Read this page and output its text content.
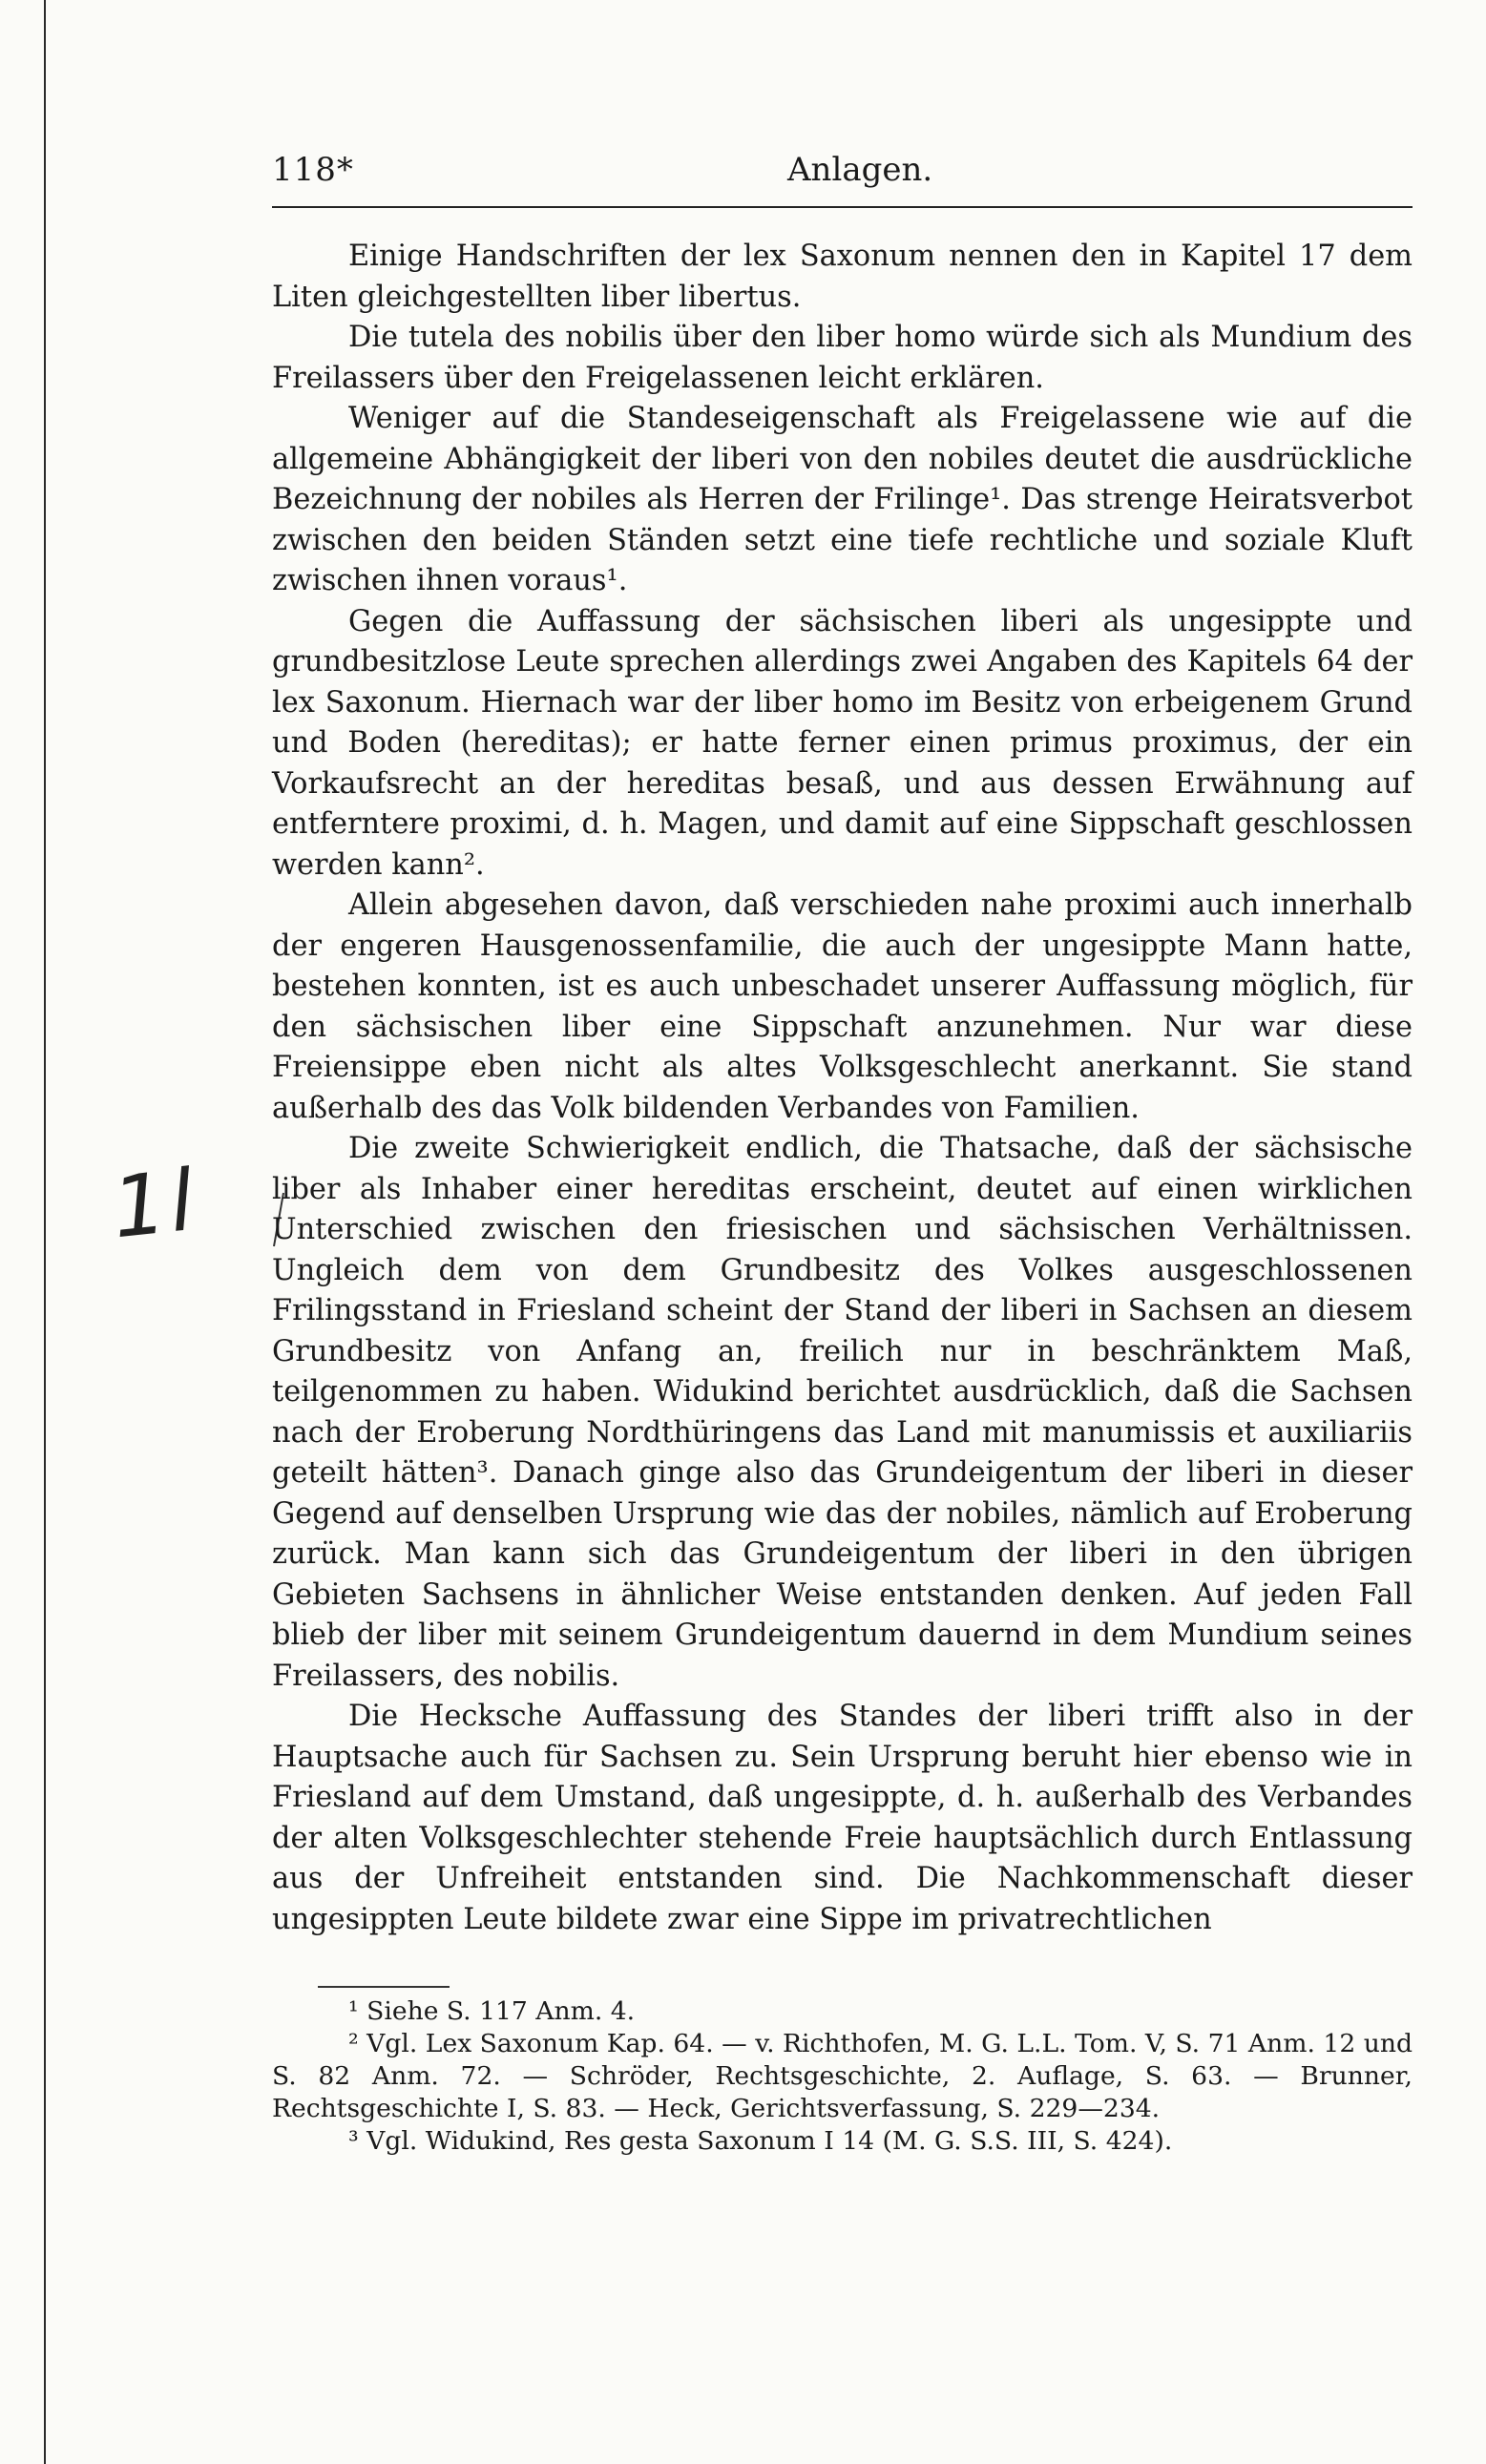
1l
118*	Anlagen.

Einige Handschriften der lex Saxonum nennen den in Kapitel 17 dem Liten gleichgestellten liber libertus.

Die tutela des nobilis über den liber homo würde sich als Mundium des Freilassers über den Freigelassenen leicht erklären.

Weniger auf die Standeseigenschaft als Freigelassene wie auf die allgemeine Abhängigkeit der liberi von den nobiles deutet die ausdrückliche Bezeichnung der nobiles als Herren der Frilinge¹. Das strenge Heiratsverbot zwischen den beiden Ständen setzt eine tiefe rechtliche und soziale Kluft zwischen ihnen voraus¹.

Gegen die Auffassung der sächsischen liberi als ungesippte und grundbesitzlose Leute sprechen allerdings zwei Angaben des Kapitels 64 der lex Saxonum. Hiernach war der liber homo im Besitz von erbeigenem Grund und Boden (hereditas); er hatte ferner einen primus proximus, der ein Vorkaufsrecht an der hereditas besaß, und aus dessen Erwähnung auf entferntere proximi, d. h. Magen, und damit auf eine Sippschaft geschlossen werden kann².

Allein abgesehen davon, daß verschieden nahe proximi auch innerhalb der engeren Hausgenossenfamilie, die auch der ungesippte Mann hatte, bestehen konnten, ist es auch unbeschadet unserer Auffassung möglich, für den sächsischen liber eine Sippschaft anzunehmen. Nur war diese Freiensippe eben nicht als altes Volksgeschlecht anerkannt. Sie stand außerhalb des das Volk bildenden Verbandes von Familien.

Die zweite Schwierigkeit endlich, die Thatsache, daß der sächsische liber als Inhaber einer hereditas erscheint, deutet auf einen wirklichen Unterschied zwischen den friesischen und sächsischen Verhältnissen. Ungleich dem von dem Grundbesitz des Volkes ausgeschlossenen Frilingsstand in Friesland scheint der Stand der liberi in Sachsen an diesem Grundbesitz von Anfang an, freilich nur in beschränktem Maß, teilgenommen zu haben. Widukind berichtet ausdrücklich, daß die Sachsen nach der Eroberung Nordthüringens das Land mit manumissis et auxiliariis geteilt hätten³. Danach ginge also das Grundeigentum der liberi in dieser Gegend auf denselben Ursprung wie das der nobiles, nämlich auf Eroberung zurück. Man kann sich das Grundeigentum der liberi in den übrigen Gebieten Sachsens in ähnlicher Weise entstanden denken. Auf jeden Fall blieb der liber mit seinem Grundeigentum dauernd in dem Mundium seines Freilassers, des nobilis.

Die Hecksche Auffassung des Standes der liberi trifft also in der Hauptsache auch für Sachsen zu. Sein Ursprung beruht hier ebenso wie in Friesland auf dem Umstand, daß ungesippte, d. h. außerhalb des Verbandes der alten Volksgeschlechter stehende Freie hauptsächlich durch Entlassung aus der Unfreiheit entstanden sind. Die Nachkommenschaft dieser ungesippten Leute bildete zwar eine Sippe im privatrechtlichen

¹ Siehe S. 117 Anm. 4.

² Vgl. Lex Saxonum Kap. 64. — v. Richthofen, M. G. L.L. Tom. V, S. 71 Anm. 12 und S. 82 Anm. 72. — Schröder, Rechtsgeschichte, 2. Auflage, S. 63. — Brunner, Rechtsgeschichte I, S. 83. — Heck, Gerichtsverfassung, S. 229—234.

³ Vgl. Widukind, Res gesta Saxonum I 14 (M. G. S.S. III, S. 424).
